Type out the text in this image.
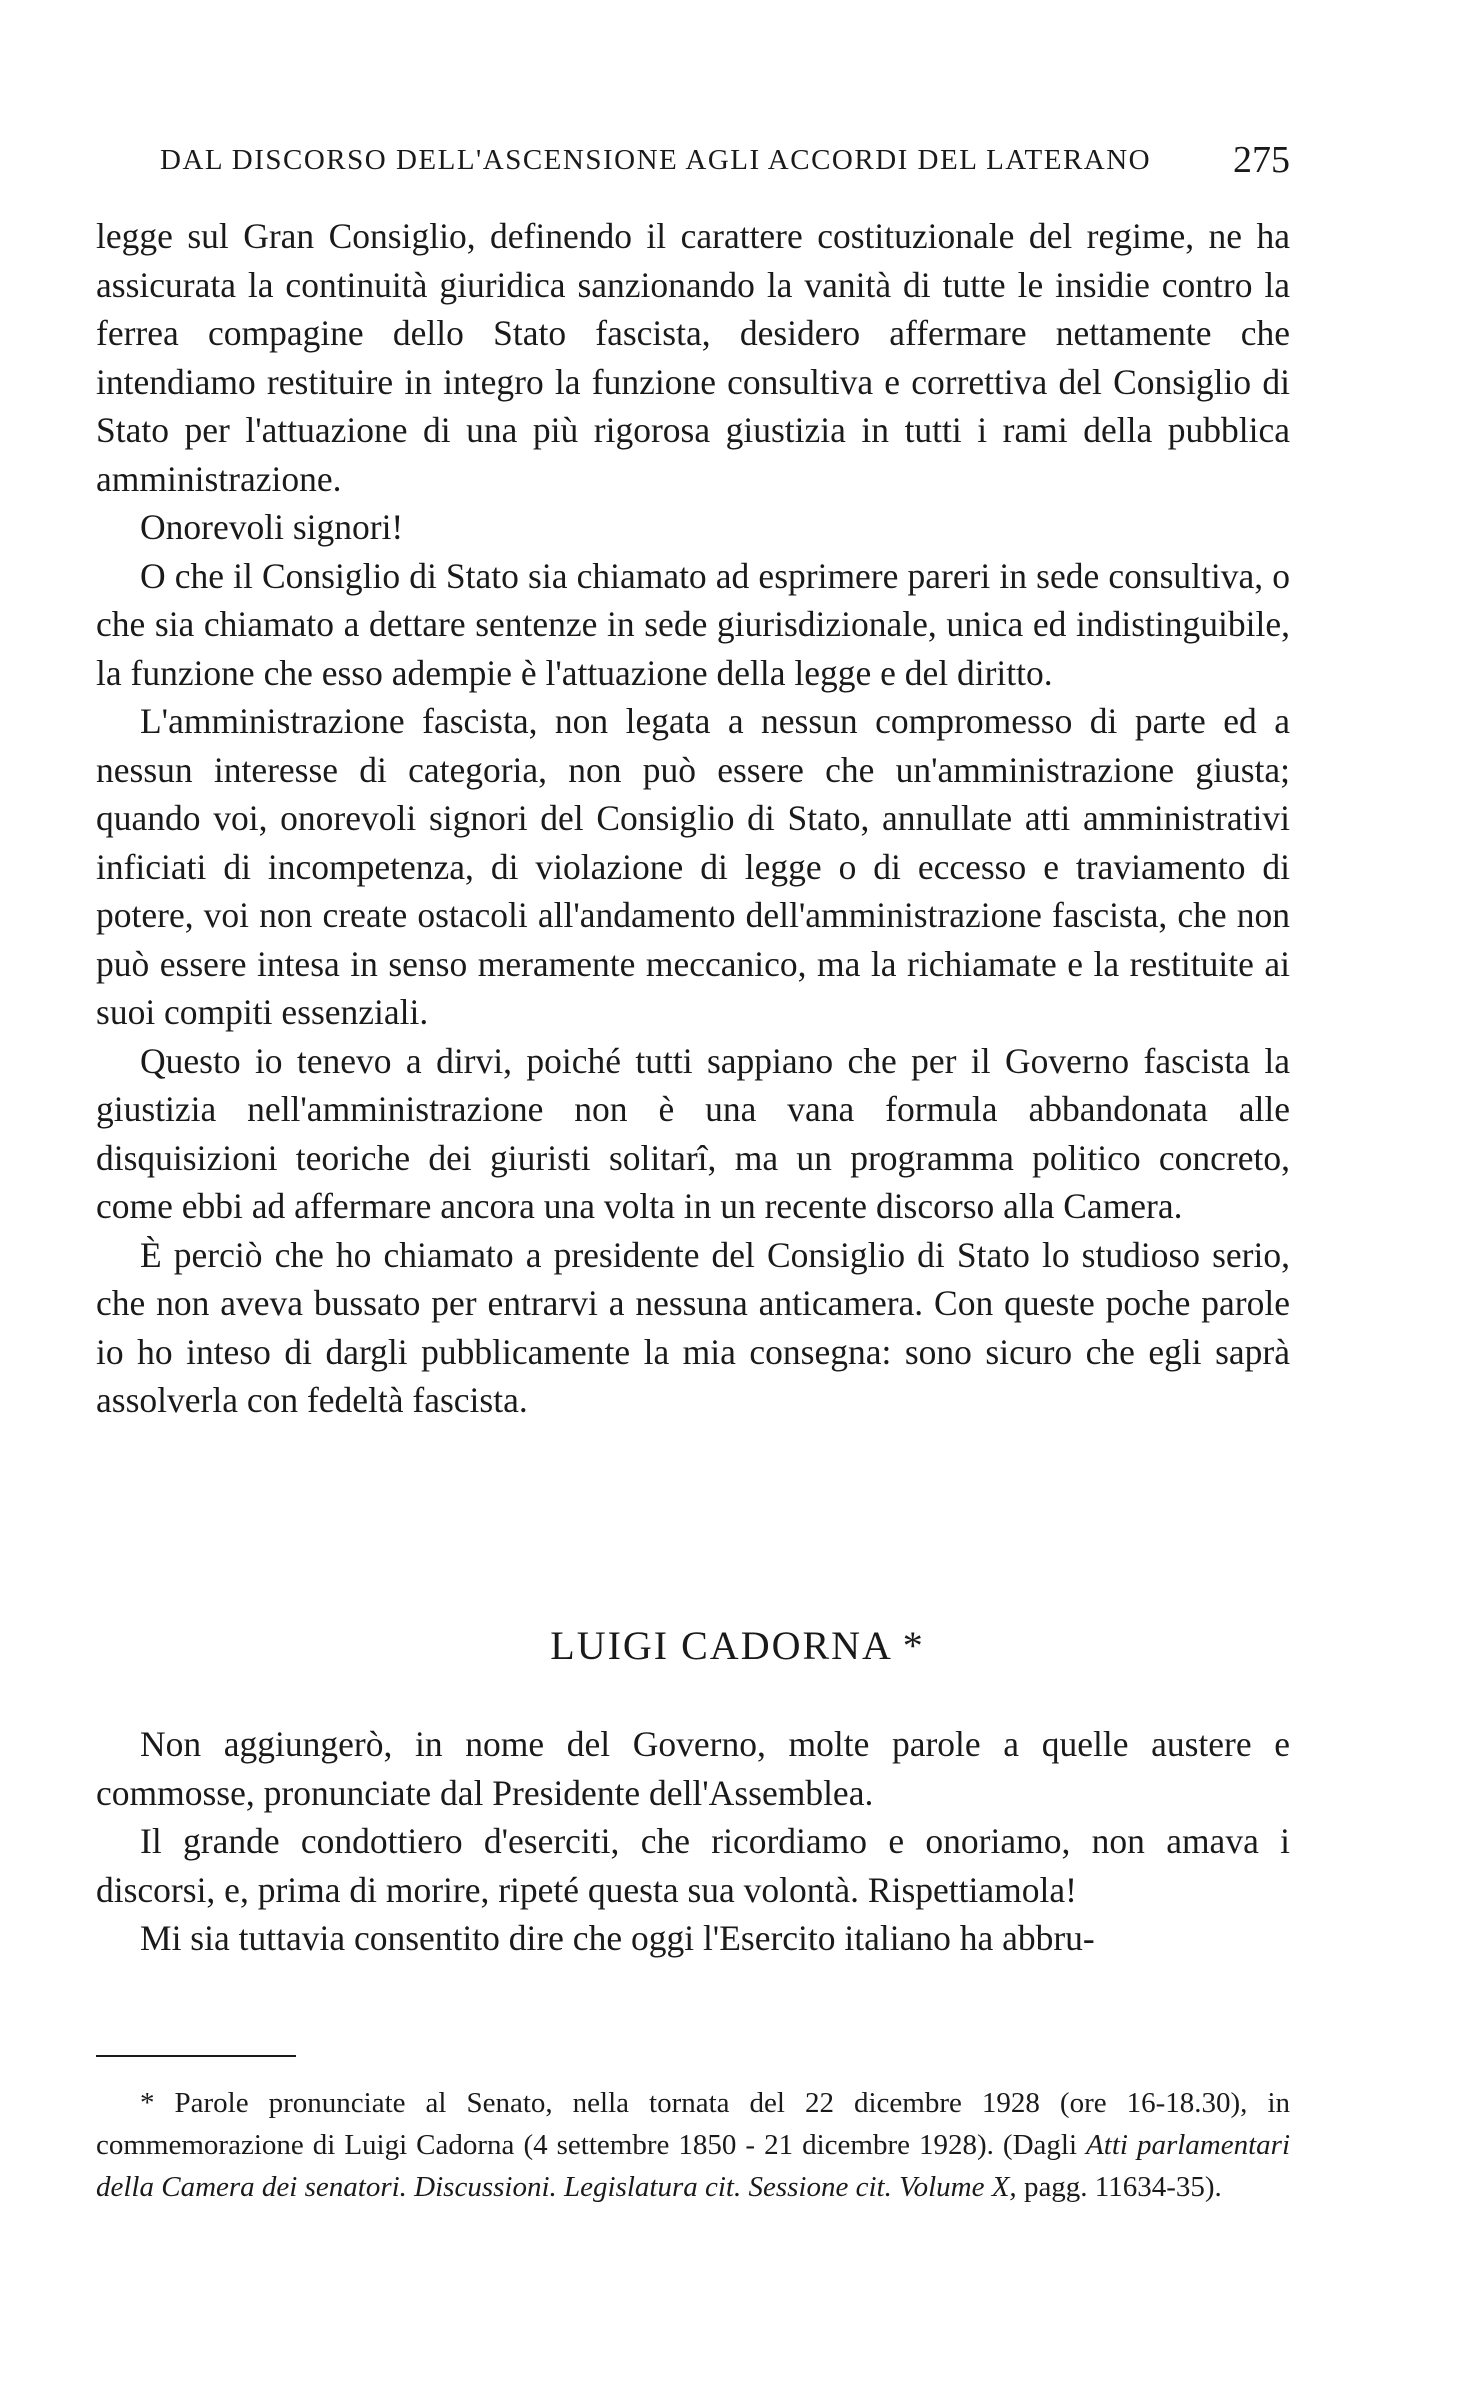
DAL DISCORSO DELL'ASCENSIONE AGLI ACCORDI DEL LATERANO 275

legge sul Gran Consiglio, definendo il carattere costituzionale del regime, ne ha assicurata la continuità giuridica sanzionando la vanità di tutte le insidie contro la ferrea compagine dello Stato fascista, desidero affermare nettamente che intendiamo restituire in integro la funzione consultiva e correttiva del Consiglio di Stato per l'attuazione di una più rigorosa giustizia in tutti i rami della pubblica amministrazione.

Onorevoli signori!

O che il Consiglio di Stato sia chiamato ad esprimere pareri in sede consultiva, o che sia chiamato a dettare sentenze in sede giurisdizionale, unica ed indistinguibile, la funzione che esso adempie è l'attuazione della legge e del diritto.

L'amministrazione fascista, non legata a nessun compromesso di parte ed a nessun interesse di categoria, non può essere che un'amministrazione giusta; quando voi, onorevoli signori del Consiglio di Stato, annullate atti amministrativi inficiati di incompetenza, di violazione di legge o di eccesso e traviamento di potere, voi non create ostacoli all'andamento dell'amministrazione fascista, che non può essere intesa in senso meramente meccanico, ma la richiamate e la restituite ai suoi compiti essenziali.

Questo io tenevo a dirvi, poiché tutti sappiano che per il Governo fascista la giustizia nell'amministrazione non è una vana formula abbandonata alle disquisizioni teoriche dei giuristi solitarî, ma un programma politico concreto, come ebbi ad affermare ancora una volta in un recente discorso alla Camera.

È perciò che ho chiamato a presidente del Consiglio di Stato lo studioso serio, che non aveva bussato per entrarvi a nessuna anticamera. Con queste poche parole io ho inteso di dargli pubblicamente la mia consegna: sono sicuro che egli saprà assolverla con fedeltà fascista.

LUIGI CADORNA *

Non aggiungerò, in nome del Governo, molte parole a quelle austere e commosse, pronunciate dal Presidente dell'Assemblea.

Il grande condottiero d'eserciti, che ricordiamo e onoriamo, non amava i discorsi, e, prima di morire, ripeté questa sua volontà. Rispettiamola!

Mi sia tuttavia consentito dire che oggi l'Esercito italiano ha abbru-

* Parole pronunciate al Senato, nella tornata del 22 dicembre 1928 (ore 16-18.30), in commemorazione di Luigi Cadorna (4 settembre 1850 - 21 dicembre 1928). (Dagli Atti parlamentari della Camera dei senatori. Discussioni. Legislatura cit. Sessione cit. Volume X, pagg. 11634-35).
